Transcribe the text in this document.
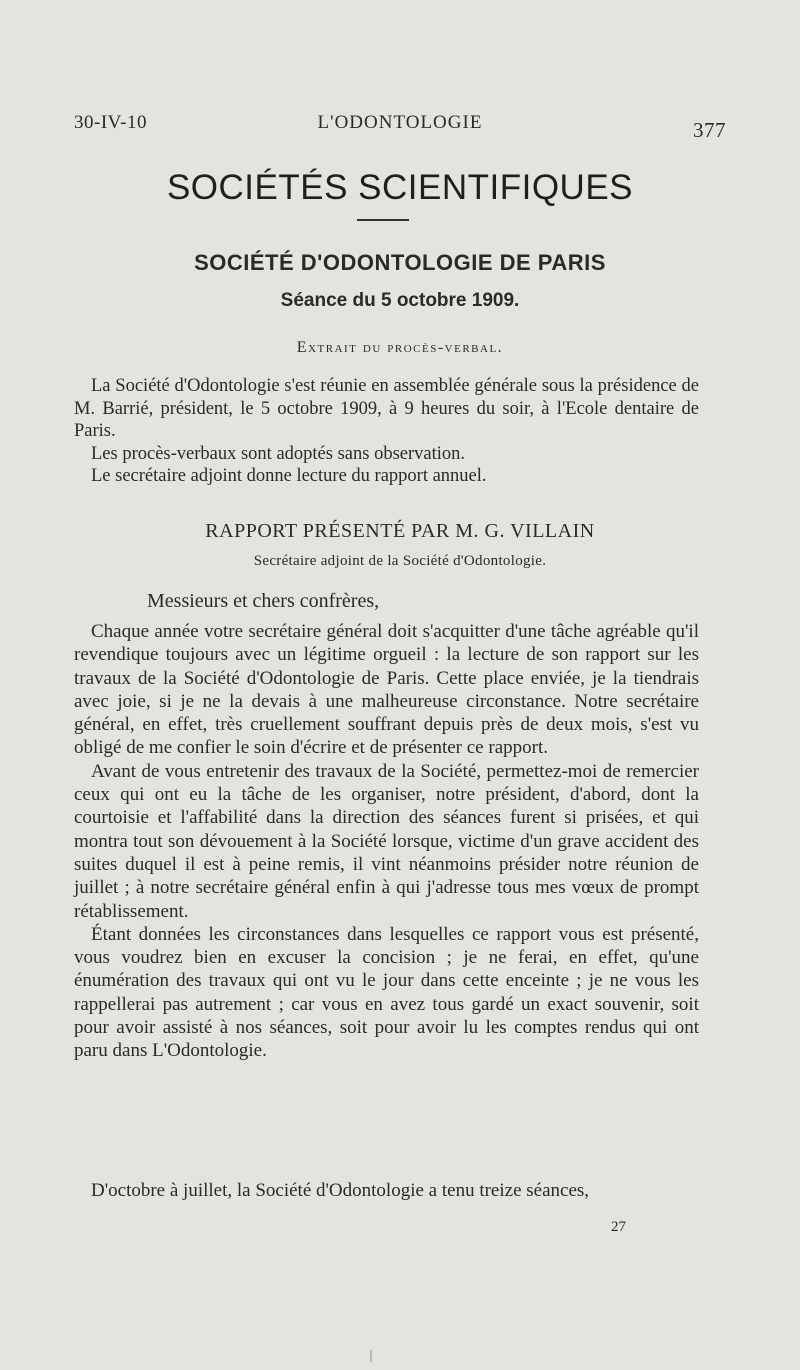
30-IV-10	L'ODONTOLOGIE	377
SOCIÉTÉS SCIENTIFIQUES
SOCIÉTÉ D'ODONTOLOGIE DE PARIS
Séance du 5 octobre 1909.
Extrait du procès-verbal.

La Société d'Odontologie s'est réunie en assemblée générale sous la présidence de M. Barrié, président, le 5 octobre 1909, à 9 heures du soir, à l'Ecole dentaire de Paris.

Les procès-verbaux sont adoptés sans observation.

Le secrétaire adjoint donne lecture du rapport annuel.

RAPPORT PRÉSENTÉ PAR M. G. VILLAIN
Secrétaire adjoint de la Société d'Odontologie.
Messieurs et chers confrères,

Chaque année votre secrétaire général doit s'acquitter d'une tâche agréable qu'il revendique toujours avec un légitime orgueil : la lecture de son rapport sur les travaux de la Société d'Odontologie de Paris. Cette place enviée, je la tiendrais avec joie, si je ne la devais à une malheureuse circonstance. Notre secrétaire général, en effet, très cruellement souffrant depuis près de deux mois, s'est vu obligé de me confier le soin d'écrire et de présenter ce rapport.

Avant de vous entretenir des travaux de la Société, permettez-moi de remercier ceux qui ont eu la tâche de les organiser, notre président, d'abord, dont la courtoisie et l'affabilité dans la direction des séances furent si prisées, et qui montra tout son dévouement à la Société lorsque, victime d'un grave accident des suites duquel il est à peine remis, il vint néanmoins présider notre réunion de juillet ; à notre secrétaire général enfin à qui j'adresse tous mes vœux de prompt rétablissement.

Étant données les circonstances dans lesquelles ce rapport vous est présenté, vous voudrez bien en excuser la concision ; je ne ferai, en effet, qu'une énumération des travaux qui ont vu le jour dans cette enceinte ; je ne vous les rappellerai pas autrement ; car vous en avez tous gardé un exact souvenir, soit pour avoir assisté à nos séances, soit pour avoir lu les comptes rendus qui ont paru dans L'Odontologie.

D'octobre à juillet, la Société d'Odontologie a tenu treize séances,

27
